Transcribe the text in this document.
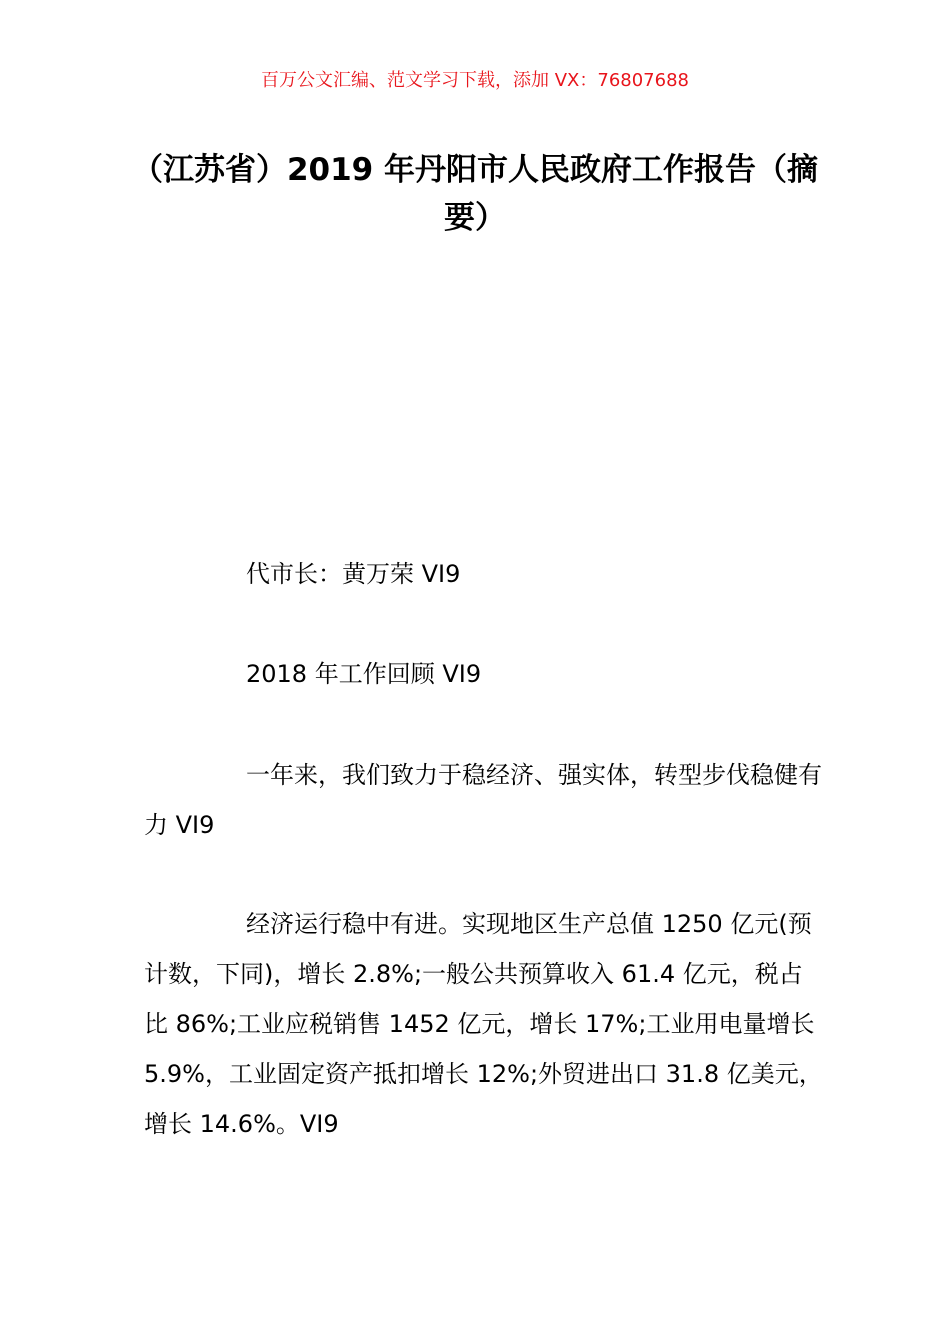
百万公文汇编、范文学习下载，添加 VX：76807688
（江苏省）2019 年丹阳市人民政府工作报告（摘要）
代市长：黄万荣 VI9
2018 年工作回顾 VI9
一年来，我们致力于稳经济、强实体，转型步伐稳健有力 VI9
经济运行稳中有进。实现地区生产总值 1250 亿元(预计数，下同)，增长 2.8%;一般公共预算收入 61.4 亿元，税占比 86%;工业应税销售 1452 亿元，增长 17%;工业用电量增长 5.9%，工业固定资产抵扣增长 12%;外贸进出口 31.8 亿美元，增长 14.6%。VI9
